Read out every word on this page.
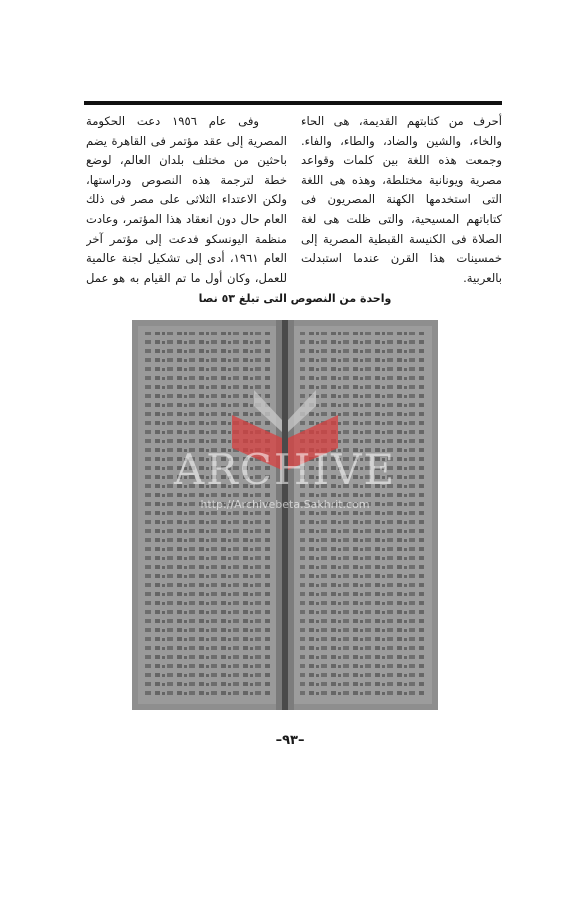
أحرف من كتابتهم القديمة، هى الحاء
والخاء، والشين والضاد، والطاء، والفاء.
وجمعت هذه اللغة بين كلمات وقواعد
مصرية ويونانية مختلطة، وهذه هى اللغة
التى استخدمها الكهنة المصريون فى
كتاباتهم المسيحية، والتى ظلت هى لغة
الصلاة فى الكنيسة القبطية المصرية إلى
خمسينات هذا القرن عندما استبدلت
بالعربية.
وفى عام ١٩٥٦ دعت الحكومة
المصرية إلى عقد مؤتمر فى القاهرة يضم
باحثين من مختلف بلدان العالم، لوضع
خطة لترجمة هذه النصوص ودراستها،
ولكن الاعتداء الثلاثى على مصر فى ذلك
العام حال دون انعقاد هذا المؤتمر، وعادت
منظمة اليونسكو فدعت إلى مؤتمر آخر
العام ١٩٦١، أدى إلى تشكيل لجنة عالمية
للعمل، وكان أول ما تم القيام به هو عمل
واحدة من النصوص التى تبلغ ٥٣ نصا
ARCHIVE
http://Archivebeta.Sakhrit.com
–٩٣–
